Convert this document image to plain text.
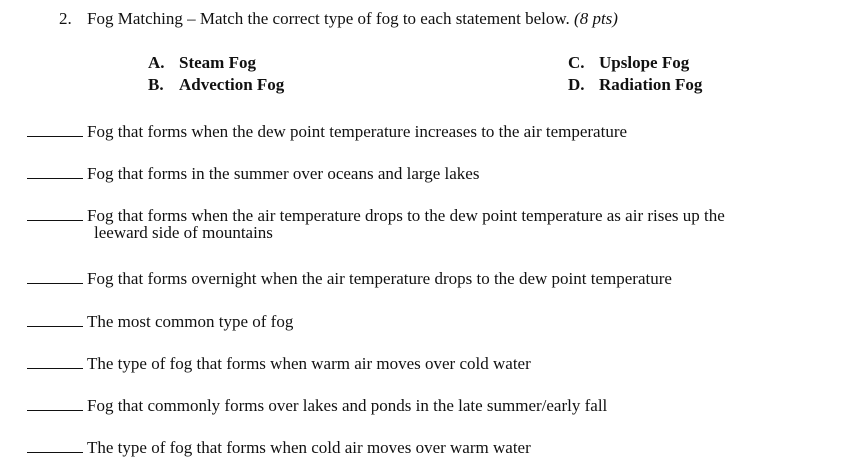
2. Fog Matching – Match the correct type of fog to each statement below. (8 pts)
A. Steam Fog
B. Advection Fog
C. Upslope Fog
D. Radiation Fog
Fog that forms when the dew point temperature increases to the air temperature
Fog that forms in the summer over oceans and large lakes
Fog that forms when the air temperature drops to the dew point temperature as air rises up the
leeward side of mountains
Fog that forms overnight when the air temperature drops to the dew point temperature
The most common type of fog
The type of fog that forms when warm air moves over cold water
Fog that commonly forms over lakes and ponds in the late summer/early fall
The type of fog that forms when cold air moves over warm water
